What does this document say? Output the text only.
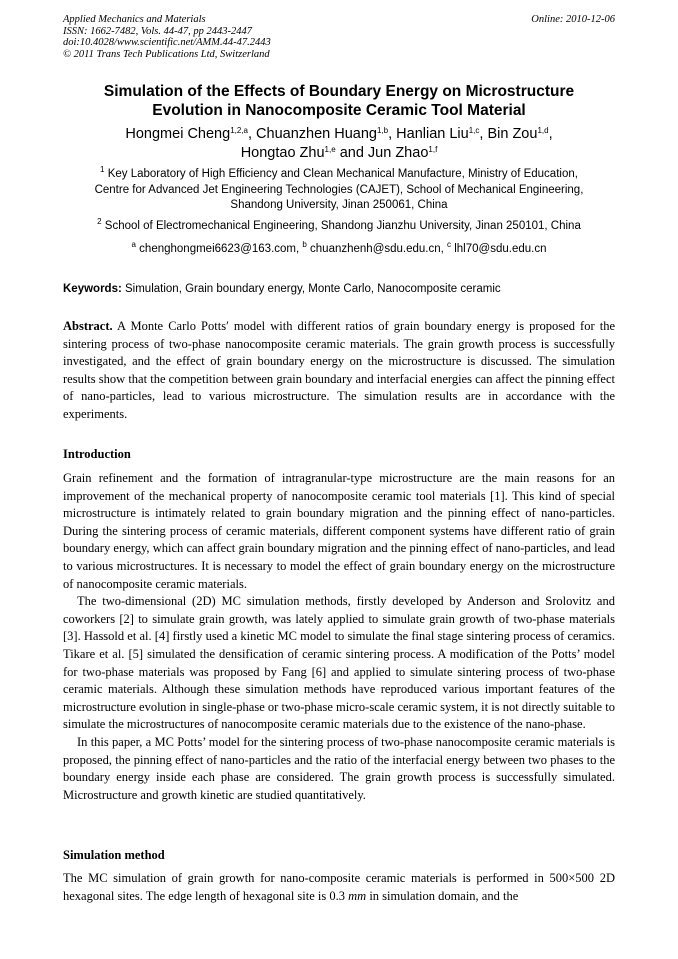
Applied Mechanics and Materials
ISSN: 1662-7482, Vols. 44-47, pp 2443-2447
doi:10.4028/www.scientific.net/AMM.44-47.2443
© 2011 Trans Tech Publications Ltd, Switzerland
Online: 2010-12-06
Simulation of the Effects of Boundary Energy on Microstructure
Evolution in Nanocomposite Ceramic Tool Material
Hongmei Cheng$^{1,2,a}$, Chuanzhen Huang$^{1,b}$, Hanlian Liu$^{1,c}$, Bin Zou$^{1,d}$,
Hongtao Zhu$^{1,e}$ and Jun Zhao$^{1,f}$
$^1$ Key Laboratory of High Efficiency and Clean Mechanical Manufacture, Ministry of Education,
Centre for Advanced Jet Engineering Technologies (CAJET), School of Mechanical Engineering,
Shandong University, Jinan 250061, China
$^2$ School of Electromechanical Engineering, Shandong Jianzhu University, Jinan 250101, China
$^a$ chenghongmei6623@163.com, $^b$ chuanzhenh@sdu.edu.cn, $^c$ lhl70@sdu.edu.cn
Keywords: Simulation, Grain boundary energy, Monte Carlo, Nanocomposite ceramic

Abstract. A Monte Carlo Potts′ model with different ratios of grain boundary energy is proposed for the sintering process of two-phase nanocomposite ceramic materials. The grain growth process is successfully investigated, and the effect of grain boundary energy on the microstructure is discussed. The simulation results show that the competition between grain boundary and interfacial energies can affect the pinning effect of nano-particles, lead to various microstructure. The simulation results are in accordance with the experiments.

Introduction

Grain refinement and the formation of intragranular-type microstructure are the main reasons for an improvement of the mechanical property of nanocomposite ceramic tool materials [1]. This kind of special microstructure is intimately related to grain boundary migration and the pinning effect of nano-particles. During the sintering process of ceramic materials, different component systems have different ratio of grain boundary energy, which can affect grain boundary migration and the pinning effect of nano-particles, and lead to various microstructures. It is necessary to model the effect of grain boundary energy on the microstructure of nanocomposite ceramic materials.

The two-dimensional (2D) MC simulation methods, firstly developed by Anderson and Srolovitz and coworkers [2] to simulate grain growth, was lately applied to simulate grain growth of two-phase materials [3]. Hassold et al. [4] firstly used a kinetic MC model to simulate the final stage sintering process of ceramics. Tikare et al. [5] simulated the densification of ceramic sintering process. A modification of the Potts’ model for two-phase materials was proposed by Fang [6] and applied to simulate sintering process of two-phase ceramic materials. Although these simulation methods have reproduced various important features of the microstructure evolution in single-phase or two-phase micro-scale ceramic system, it is not directly suitable to simulate the microstructures of nanocomposite ceramic materials due to the existence of the nano-phase.

In this paper, a MC Potts’ model for the sintering process of two-phase nanocomposite ceramic materials is proposed, the pinning effect of nano-particles and the ratio of the interfacial energy between two phases to the boundary energy inside each phase are considered. The grain growth process is successfully simulated. Microstructure and growth kinetic are studied quantitatively.

Simulation method

The MC simulation of grain growth for nano-composite ceramic materials is performed in 500×500 2D hexagonal sites. The edge length of hexagonal site is 0.3 mm in simulation domain, and the
